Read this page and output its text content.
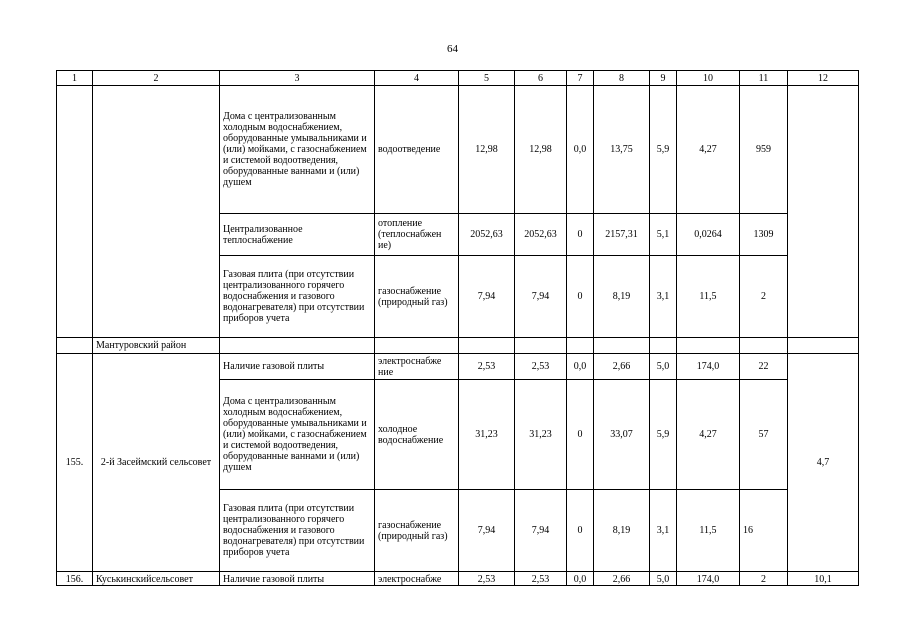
64
1	2	3	4	5	6	7	8	9	10	11	12
		Дома с централизованным холодным водоснабжением, оборудованные умывальниками и (или) мойками, с газоснабжением и системой водоотведения, оборудованные ваннами и (или) душем	водоотведение	12,98	12,98	0,0	13,75	5,9	4,27	959	
		Централизованное теплоснабжение	отопление (теплоснабжен ие)	2052,63	2052,63	0	2157,31	5,1	0,0264	1309	
		Газовая плита (при отсутствии централизованного горячего водоснабжения и газового водонагревателя) при отсутствии приборов учета	газоснабжение (природный газ)	7,94	7,94	0	8,19	3,1	11,5	2	
	Мантуровский район										
155.	2-й Засеймский сельсовет	Наличие газовой плиты	электроснабже ние	2,53	2,53	0,0	2,66	5,0	174,0	22	4,7
		Дома с централизованным холодным водоснабжением, оборудованные умывальниками и (или) мойками, с газоснабжением и системой водоотведения, оборудованные ваннами и (или) душем	холодное водоснабжение	31,23	31,23	0	33,07	5,9	4,27	57	
		Газовая плита (при отсутствии централизованного горячего водоснабжения и газового водонагревателя) при отсутствии приборов учета	газоснабжение (природный газ)	7,94	7,94	0	8,19	3,1	11,5	16	
156.	Куськинскийсельсовет	Наличие газовой плиты	электроснабже	2,53	2,53	0,0	2,66	5,0	174,0	2	10,1
